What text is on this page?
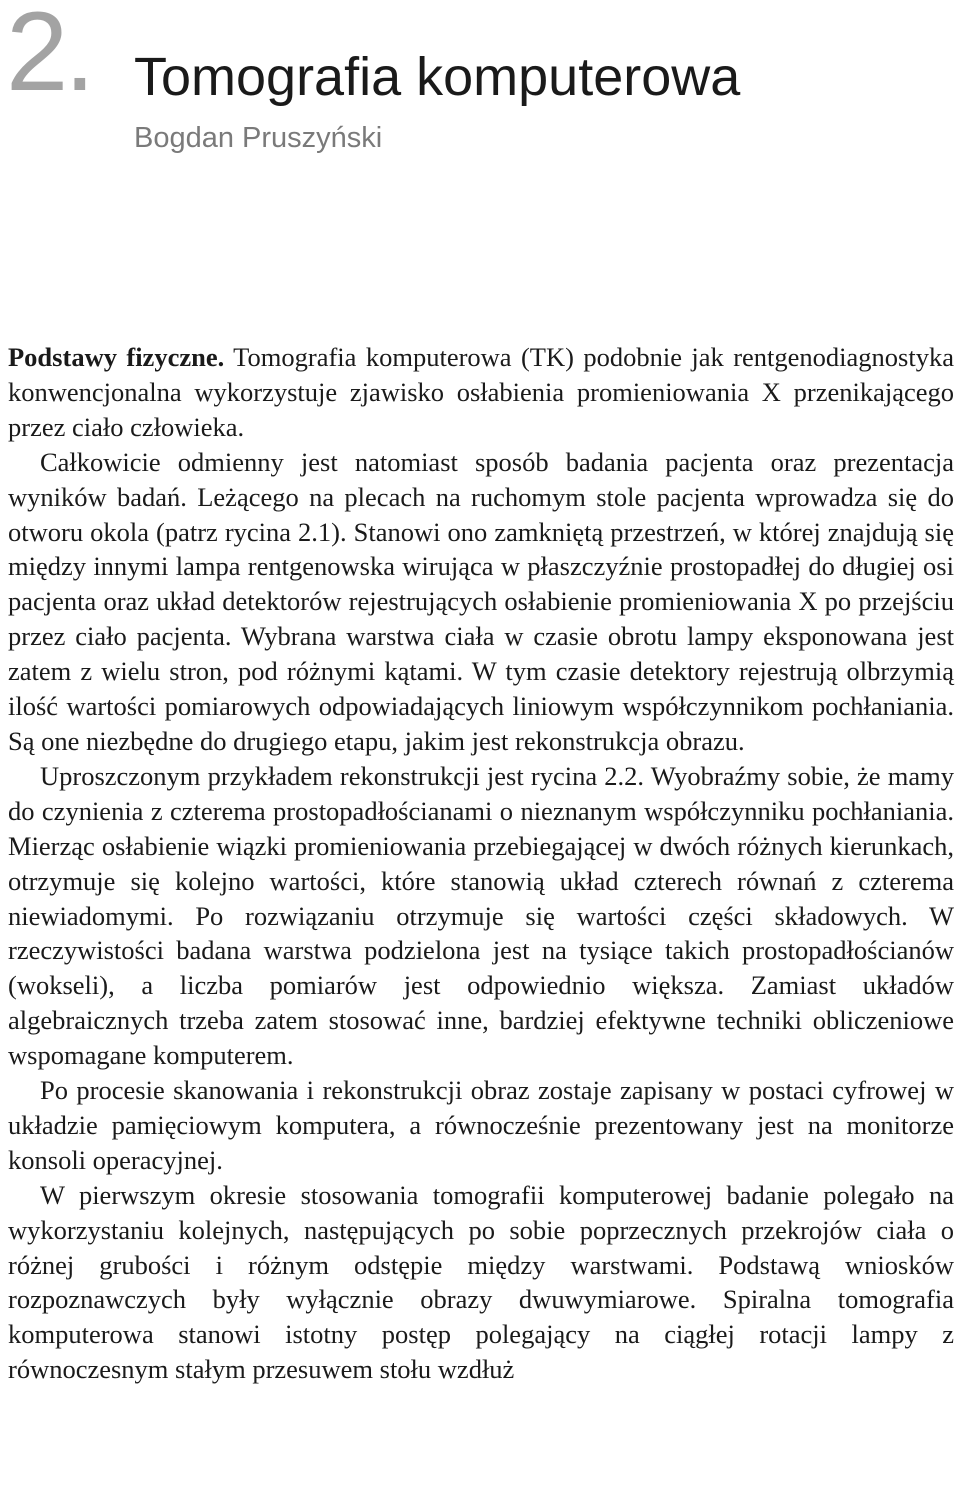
2. Tomografia komputerowa
Bogdan Pruszyński

Podstawy fizyczne. Tomografia komputerowa (TK) podobnie jak rentgenodiagnostyka konwencjonalna wykorzystuje zjawisko osłabienia promieniowania X przenikającego przez ciało człowieka.

Całkowicie odmienny jest natomiast sposób badania pacjenta oraz prezentacja wyników badań. Leżącego na plecach na ruchomym stole pacjenta wprowadza się do otworu okola (patrz rycina 2.1). Stanowi ono zamkniętą przestrzeń, w której znajdują się między innymi lampa rentgenowska wirująca w płaszczyźnie prostopadłej do długiej osi pacjenta oraz układ detektorów rejestrujących osłabienie promieniowania X po przejściu przez ciało pacjenta. Wybrana warstwa ciała w czasie obrotu lampy eksponowana jest zatem z wielu stron, pod różnymi kątami. W tym czasie detektory rejestrują olbrzymią ilość wartości pomiarowych odpowiadających liniowym współczynnikom pochłaniania. Są one niezbędne do drugiego etapu, jakim jest rekonstrukcja obrazu.

Uproszczonym przykładem rekonstrukcji jest rycina 2.2. Wyobraźmy sobie, że mamy do czynienia z czterema prostopadłościanami o nieznanym współczynniku pochłaniania. Mierząc osłabienie wiązki promieniowania przebiegającej w dwóch różnych kierunkach, otrzymuje się kolejno wartości, które stanowią układ czterech równań z czterema niewiadomymi. Po rozwiązaniu otrzymuje się wartości części składowych. W rzeczywistości badana warstwa podzielona jest na tysiące takich prostopadłościanów (wokseli), a liczba pomiarów jest odpowiednio większa. Zamiast układów algebraicznych trzeba zatem stosować inne, bardziej efektywne techniki obliczeniowe wspomagane komputerem.

Po procesie skanowania i rekonstrukcji obraz zostaje zapisany w postaci cyfrowej w układzie pamięciowym komputera, a równocześnie prezentowany jest na monitorze konsoli operacyjnej.

W pierwszym okresie stosowania tomografii komputerowej badanie polegało na wykorzystaniu kolejnych, następujących po sobie poprzecznych przekrojów ciała o różnej grubości i różnym odstępie między warstwami. Podstawą wniosków rozpoznawczych były wyłącznie obrazy dwuwymiarowe. Spiralna tomografia komputerowa stanowi istotny postęp polegający na ciągłej rotacji lampy z równoczesnym stałym przesuwem stołu wzdłuż
